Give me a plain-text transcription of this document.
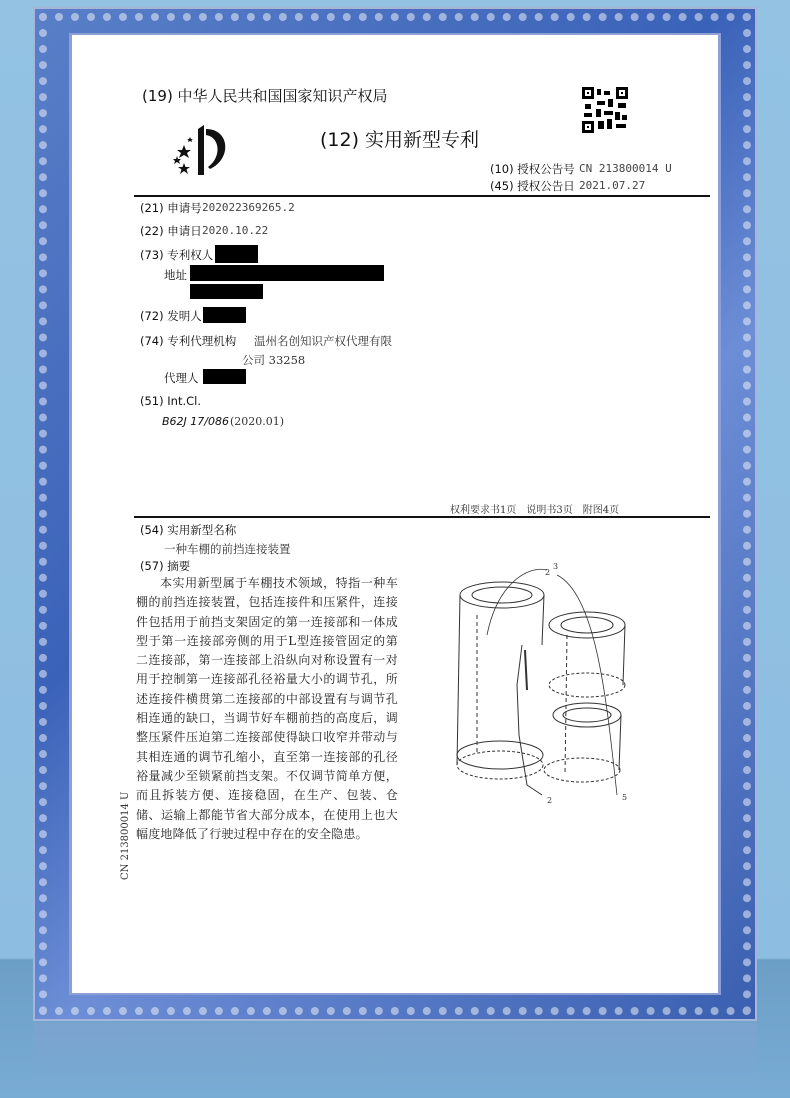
(19) 中华人民共和国国家知识产权局
(12) 实用新型专利
(10) 授权公告号 CN 213800014 U
(45) 授权公告日 2021.07.27
(21) 申请号 202022369265.2
(22) 申请日 2020.10.22
(73) 专利权人
地址
(72) 发明人
(74) 专利代理机构 温州名创知识产权代理有限
公司 33258
代理人
(51) Int.Cl.
B62J 17/086 (2020.01)
权利要求书1页　说明书3页　附图4页
(54) 实用新型名称
一种车棚的前挡连接装置
(57) 摘要
本实用新型属于车棚技术领域，特指一种车棚的前挡连接装置，包括连接件和压紧件，连接件包括用于前挡支架固定的第一连接部和一体成型于第一连接部旁侧的用于L型连接管固定的第二连接部，第一连接部上沿纵向对称设置有一对用于控制第一连接部孔径裕量大小的调节孔，所述连接件横贯第二连接部的中部设置有与调节孔相连通的缺口，当调节好车棚前挡的高度后，调整压紧件压迫第二连接部使得缺口收窄并带动与其相连通的调节孔缩小，直至第一连接部的孔径裕量减少至锁紧前挡支架。不仅调节简单方便，而且拆装方便、连接稳固，在生产、包装、仓储、运输上都能节省大部分成本，在使用上也大幅度地降低了行驶过程中存在的安全隐患。
3
2
5
2
CN 213800014 U
